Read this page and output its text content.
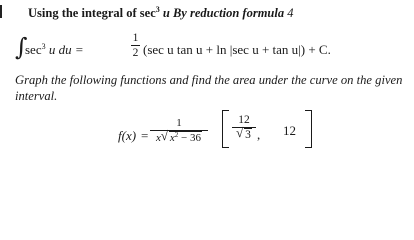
Using the integral of $\sec^3 u$ By reduction formula 4
∫
$\sec^3 u$ du =
1
2 (sec u tan u + ln |sec u + tan u|) + C.
Graph the following functions and find the area under the curve on the given interval.
f(x) =
1
x √ $x^2 - 36$
12
√ 3 , 12
